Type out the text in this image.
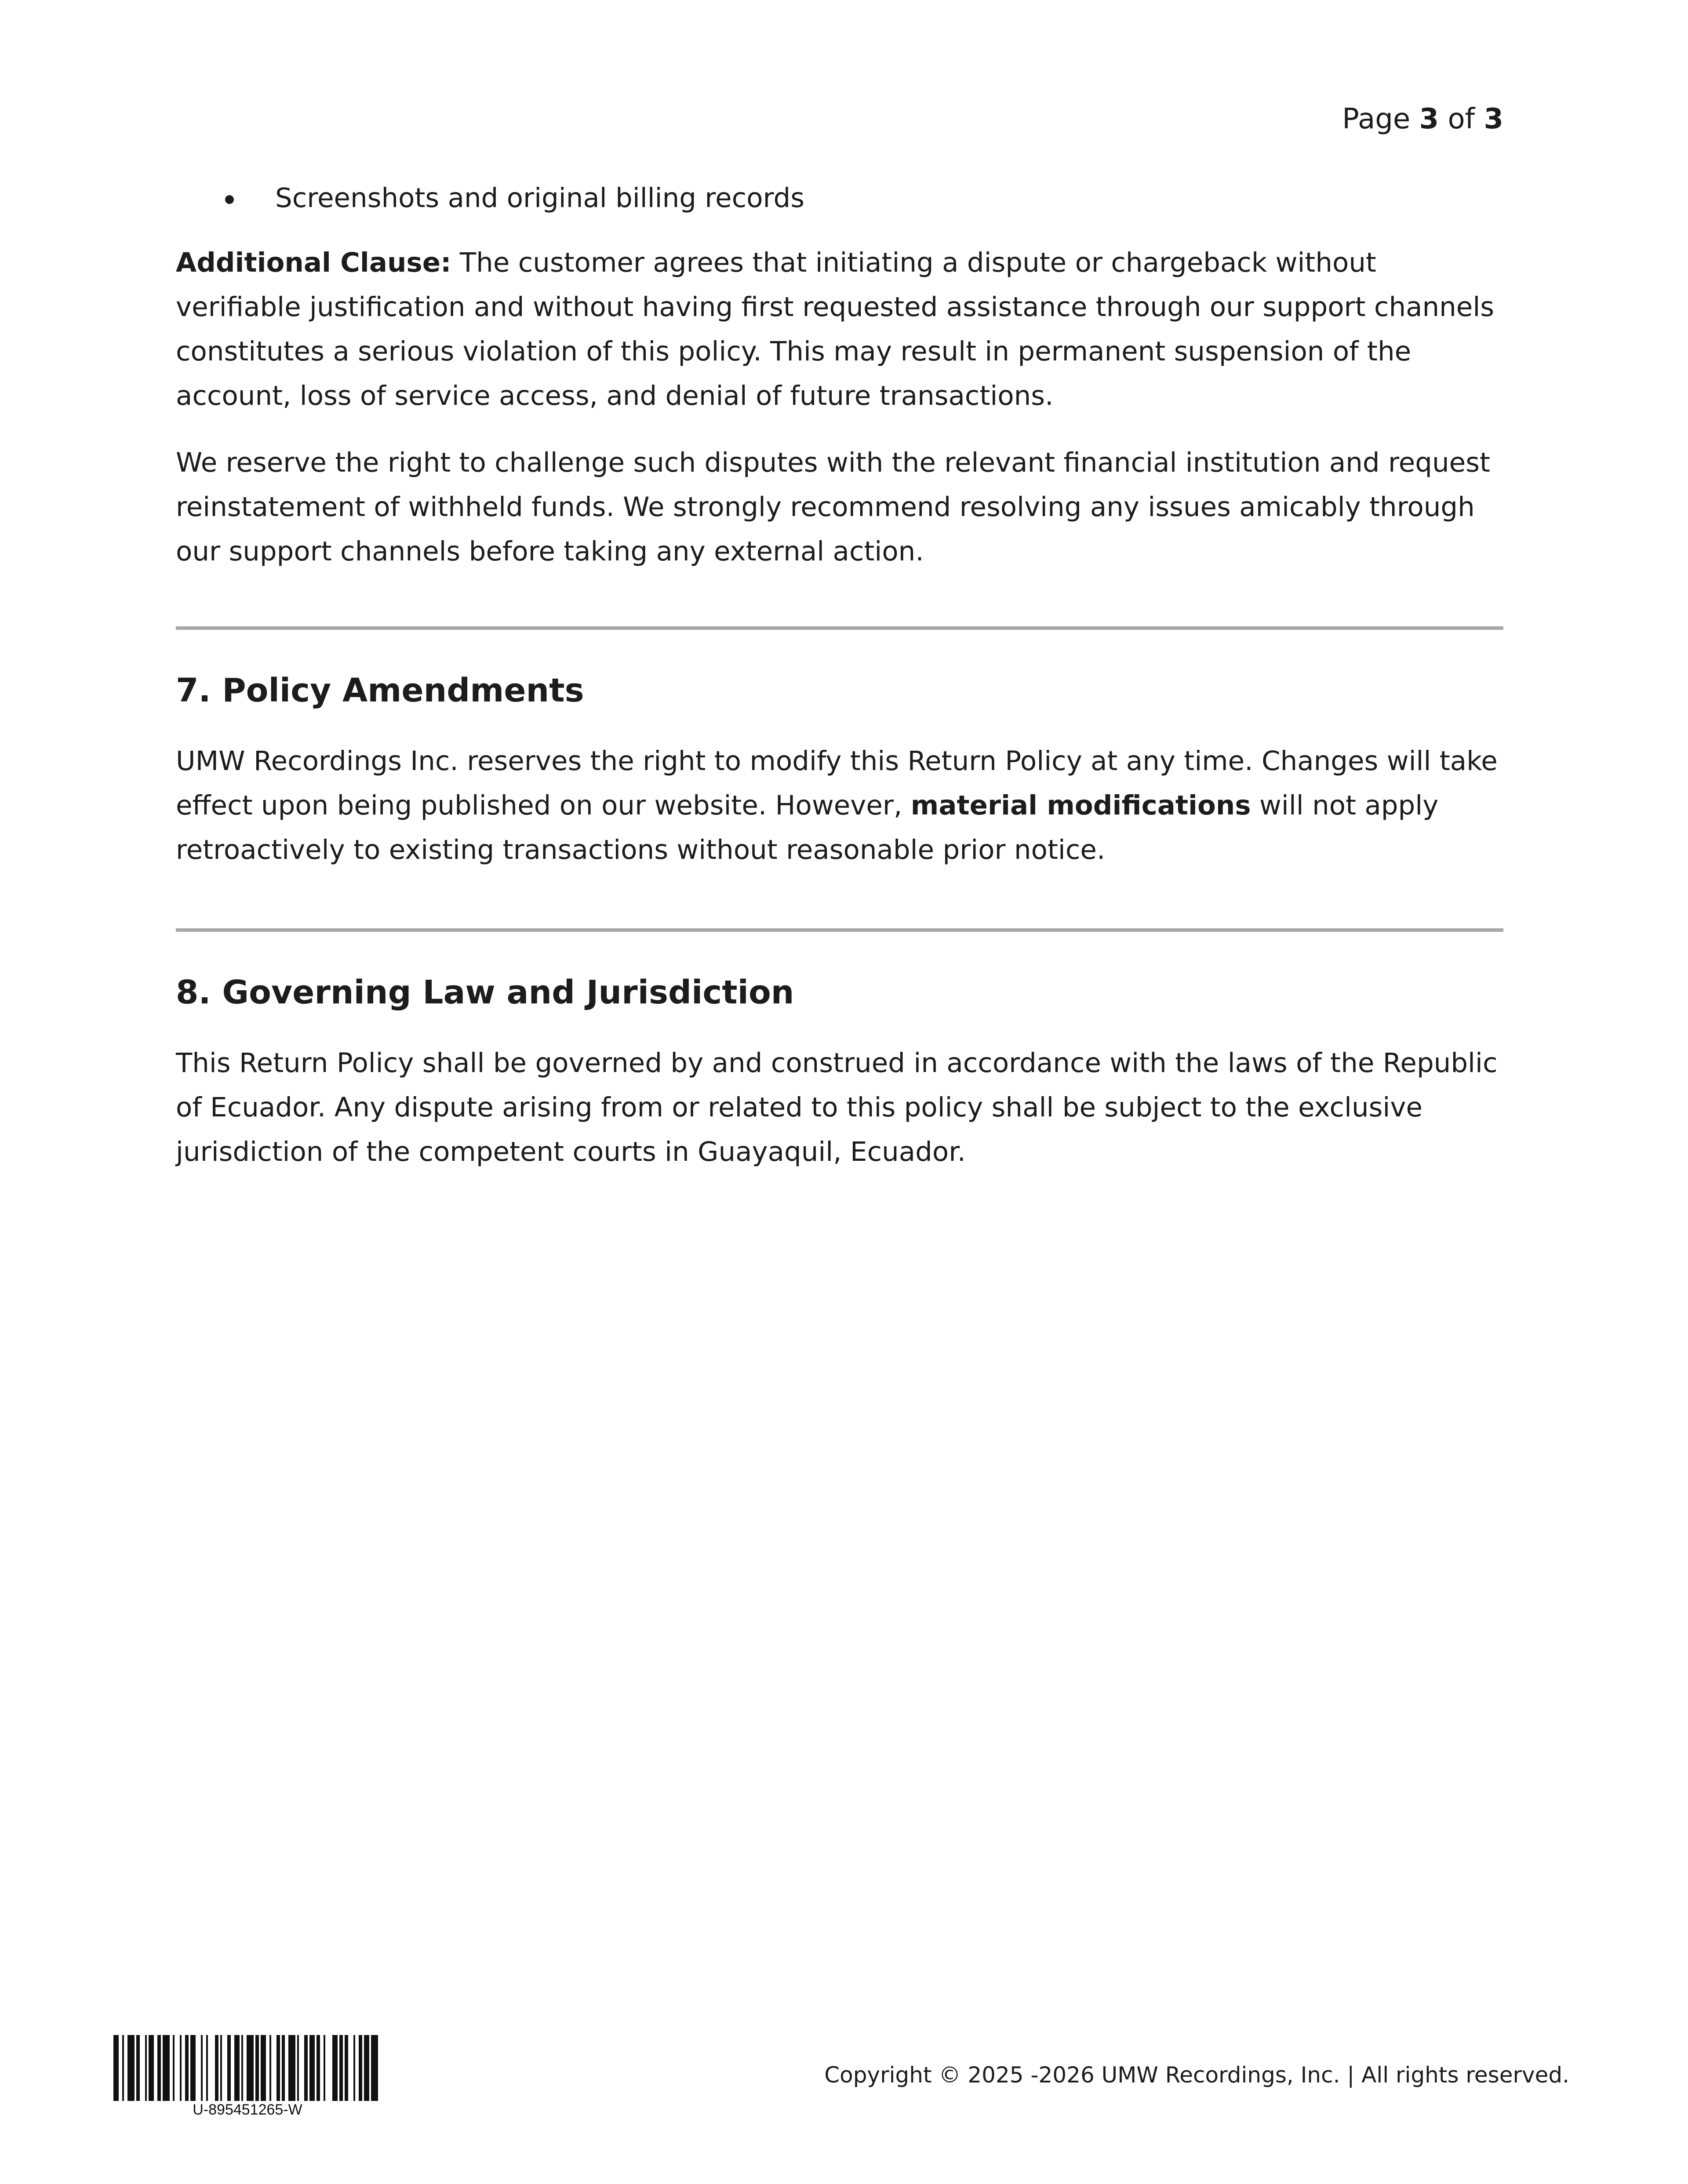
Page 3 of 3
Screenshots and original billing records

Additional Clause: The customer agrees that initiating a dispute or chargeback without verifiable justification and without having first requested assistance through our support channels constitutes a serious violation of this policy. This may result in permanent suspension of the account, loss of service access, and denial of future transactions.

We reserve the right to challenge such disputes with the relevant financial institution and request reinstatement of withheld funds. We strongly recommend resolving any issues amicably through our support channels before taking any external action.

7. Policy Amendments

UMW Recordings Inc. reserves the right to modify this Return Policy at any time. Changes will take effect upon being published on our website. However, material modifications will not apply retroactively to existing transactions without reasonable prior notice.

8. Governing Law and Jurisdiction

This Return Policy shall be governed by and construed in accordance with the laws of the Republic of Ecuador. Any dispute arising from or related to this policy shall be subject to the exclusive jurisdiction of the competent courts in Guayaquil, Ecuador.

U-895451265-W
Copyright © 2025 -2026 UMW Recordings, Inc. | All rights reserved.
